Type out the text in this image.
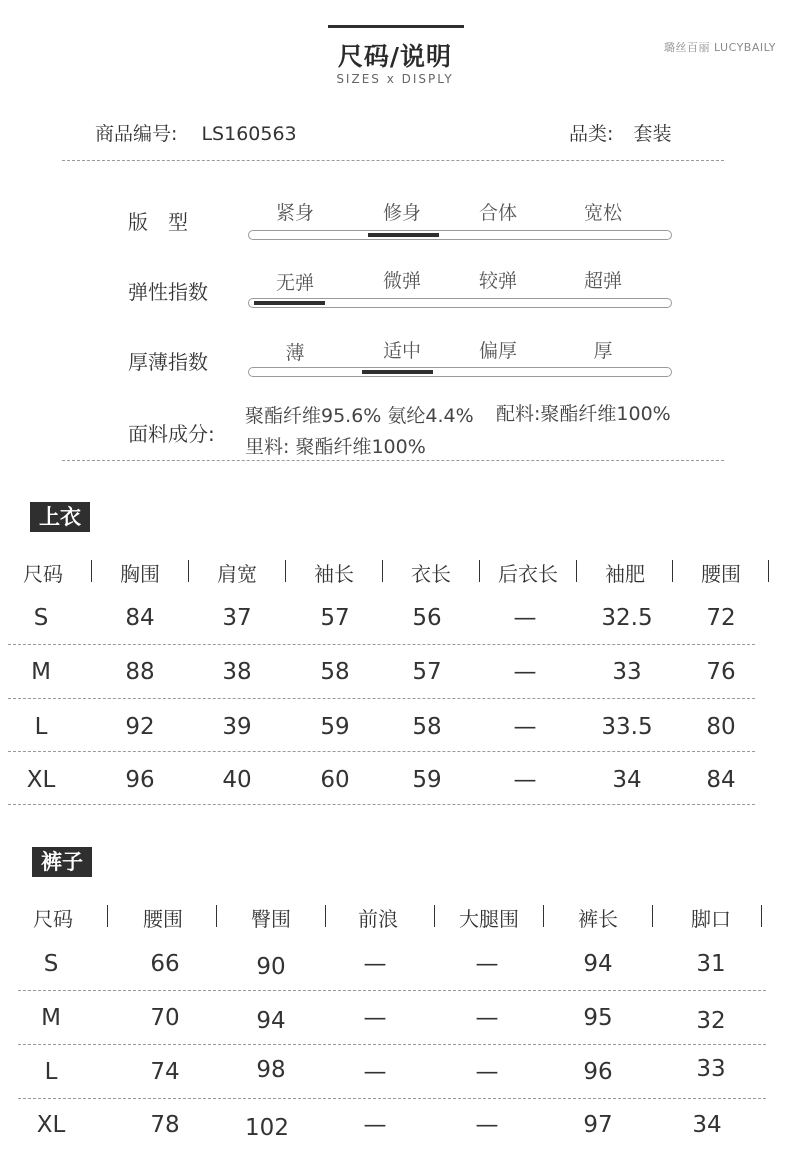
尺码/说明
SIZES x DISPLY
璐丝百丽 LUCYBAILY
商品编号: LS160563	品类: 套装
版　型	紧身	修身	合体	宽松
弹性指数	无弹	微弹	较弹	超弹
厚薄指数	薄	适中	偏厚	厚
面料成分:
聚酯纤维95.6% 氨纶4.4% 配料:聚酯纤维100%
里料: 聚酯纤维100%
上衣
尺码	胸围	肩宽	袖长	衣长	后衣长	袖肥	腰围
S	84	37	57	56	—	32.5	72
M	88	38	58	57	—	33	76
L	92	39	59	58	—	33.5	80
XL	96	40	60	59	—	34	84
裤子
尺码	腰围	臀围	前浪	大腿围	裤长	脚口
S	66	90	—	—	94	31
M	70	94	—	—	95	32
L	74	98	—	—	96	33
XL	78	102	—	—	97	34
